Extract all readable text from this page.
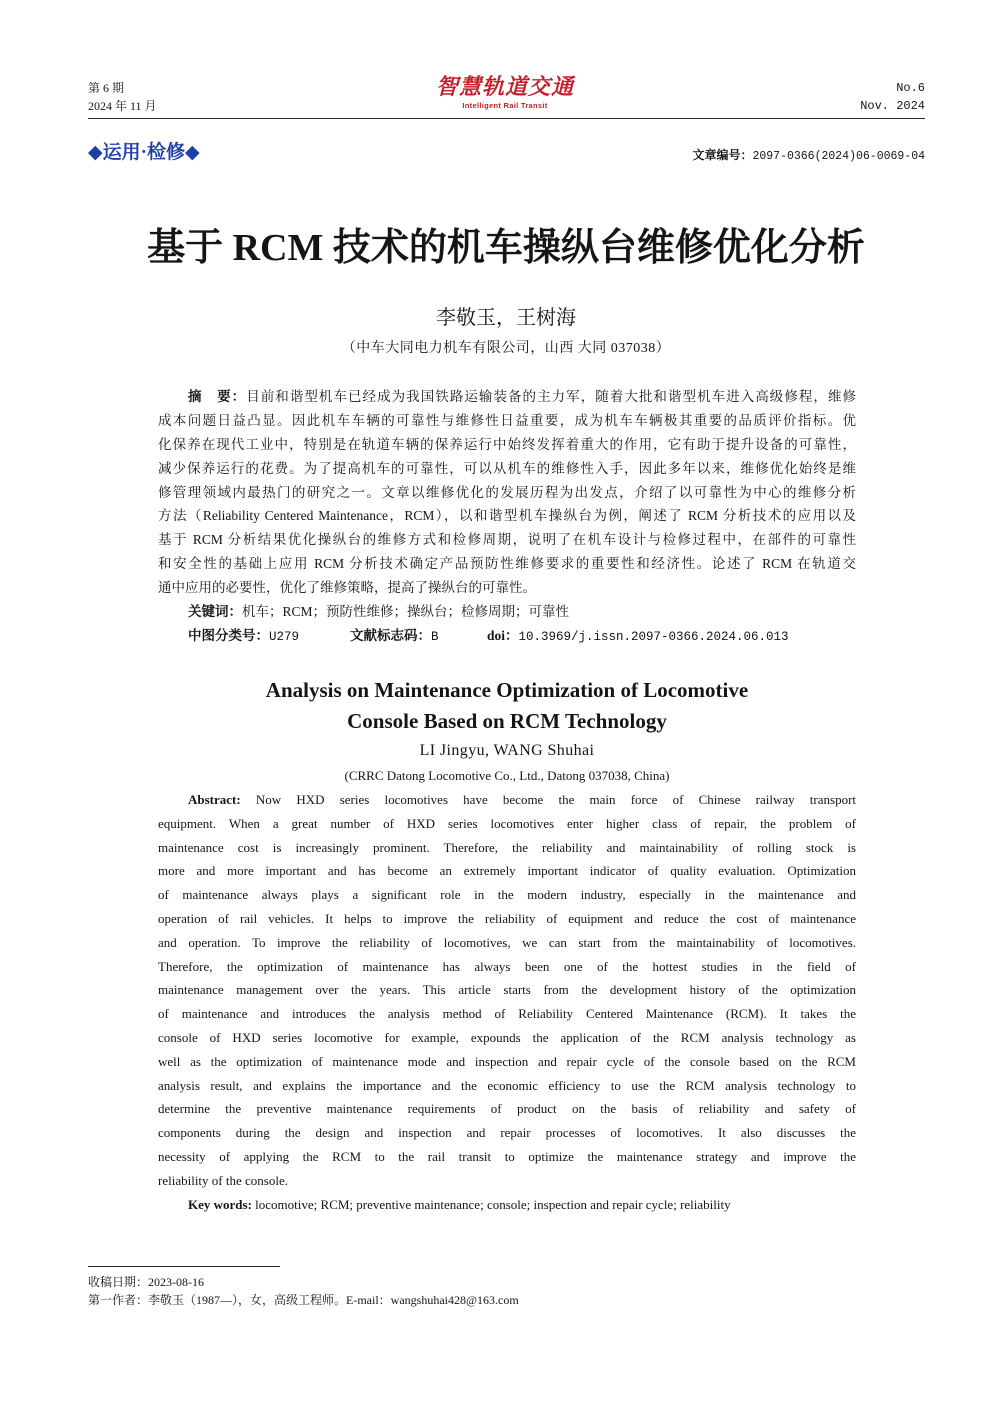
第 6 期
2024 年 11 月
智慧轨道交通
Intelligent Rail Transit
No.6
Nov. 2024
◆运用·检修◆	文章编号：2097-0366(2024)06-0069-04
基于 RCM 技术的机车操纵台维修优化分析
李敬玉，王树海
（中车大同电力机车有限公司，山西 大同 037038）
摘　要：目前和谐型机车已经成为我国铁路运输装备的主力军，随着大批和谐型机车进入高级修程，维修
成本问题日益凸显。因此机车车辆的可靠性与维修性日益重要，成为机车车辆极其重要的品质评价指标。优
化保养在现代工业中，特别是在轨道车辆的保养运行中始终发挥着重大的作用，它有助于提升设备的可靠性，
减少保养运行的花费。为了提高机车的可靠性，可以从机车的维修性入手，因此多年以来，维修优化始终是维
修管理领域内最热门的研究之一。文章以维修优化的发展历程为出发点，介绍了以可靠性为中心的维修分析
方法（Reliability Centered Maintenance，RCM），以和谐型机车操纵台为例，阐述了 RCM 分析技术的应用以及
基于 RCM 分析结果优化操纵台的维修方式和检修周期，说明了在机车设计与检修过程中，在部件的可靠性
和安全性的基础上应用 RCM 分析技术确定产品预防性维修要求的重要性和经济性。论述了 RCM 在轨道交
通中应用的必要性，优化了维修策略，提高了操纵台的可靠性。
关键词：机车；RCM；预防性维修；操纵台；检修周期；可靠性
中图分类号：U279	文献标志码：B	doi：10.3969/j.issn.2097-0366.2024.06.013
Analysis on Maintenance Optimization of Locomotive
Console Based on RCM Technology
LI Jingyu, WANG Shuhai
(CRRC Datong Locomotive Co., Ltd., Datong 037038, China)
Abstract: Now HXD series locomotives have become the main force of Chinese railway transport
equipment. When a great number of HXD series locomotives enter higher class of repair, the problem of
maintenance cost is increasingly prominent. Therefore, the reliability and maintainability of rolling stock is
more and more important and has become an extremely important indicator of quality evaluation. Optimization
of maintenance always plays a significant role in the modern industry, especially in the maintenance and
operation of rail vehicles. It helps to improve the reliability of equipment and reduce the cost of maintenance
and operation. To improve the reliability of locomotives, we can start from the maintainability of locomotives.
Therefore, the optimization of maintenance has always been one of the hottest studies in the field of
maintenance management over the years. This article starts from the development history of the optimization
of maintenance and introduces the analysis method of Reliability Centered Maintenance (RCM). It takes the
console of HXD series locomotive for example, expounds the application of the RCM analysis technology as
well as the optimization of maintenance mode and inspection and repair cycle of the console based on the RCM
analysis result, and explains the importance and the economic efficiency to use the RCM analysis technology to
determine the preventive maintenance requirements of product on the basis of reliability and safety of
components during the design and inspection and repair processes of locomotives. It also discusses the
necessity of applying the RCM to the rail transit to optimize the maintenance strategy and improve the
reliability of the console.
Key words: locomotive; RCM; preventive maintenance; console; inspection and repair cycle; reliability
收稿日期：2023-08-16
第一作者：李敬玉（1987—），女，高级工程师。E-mail：wangshuhai428@163.com
